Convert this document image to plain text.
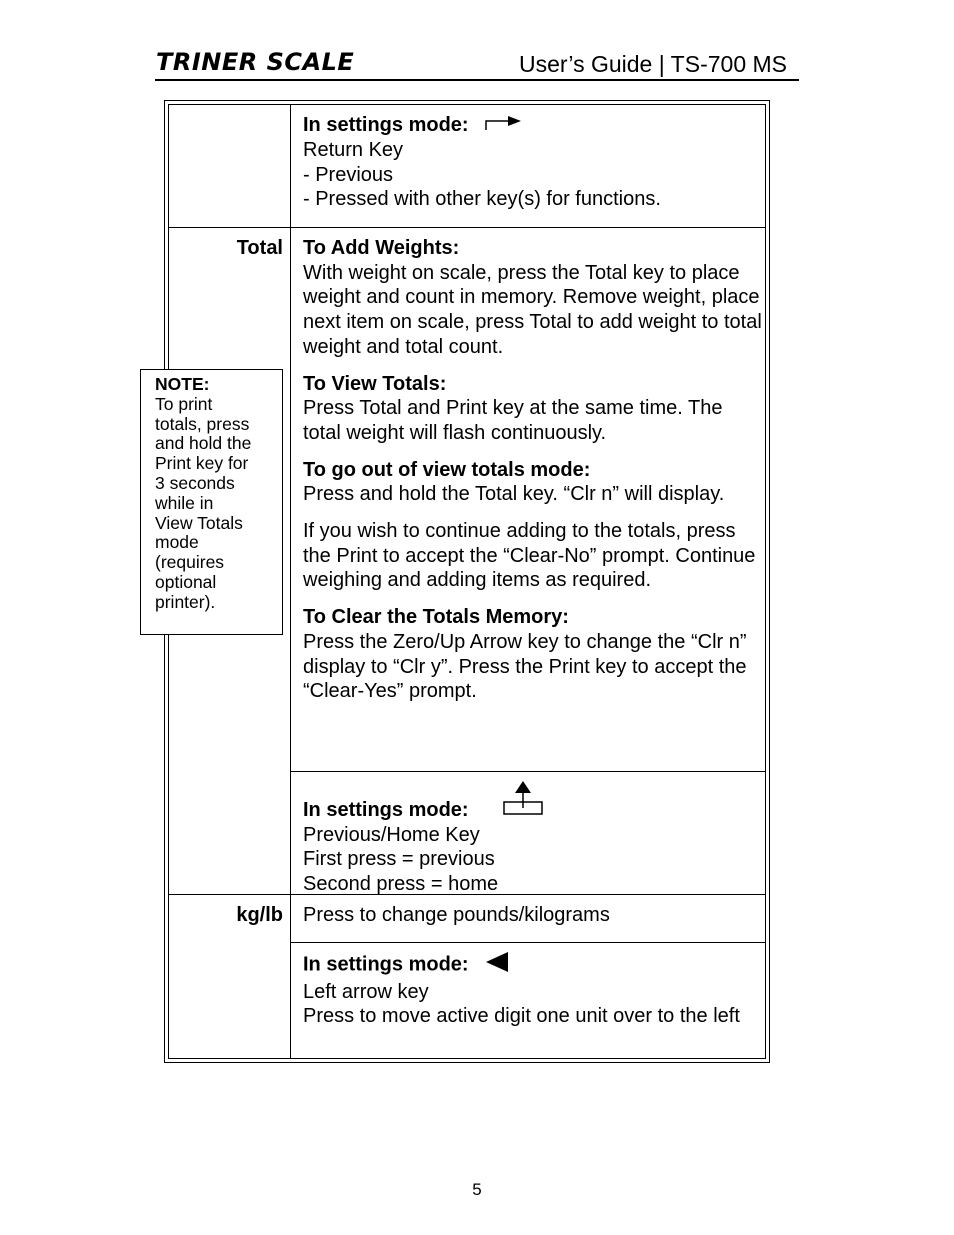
TRINER SCALE	User’s Guide | TS-700 MS
In settings mode:
Return Key
- Previous
- Pressed with other key(s) for functions.
Total To Add Weights:
With weight on scale, press the Total key to place weight and count in memory. Remove weight, place next item on scale, press Total to add weight to total weight and total count.
To View Totals:
Press Total and Print key at the same time. The total weight will flash continuously.
To go out of view totals mode:
Press and hold the Total key. “Clr n” will display.
If you wish to continue adding to the totals, press the Print to accept the “Clear-No” prompt. Continue weighing and adding items as required.
To Clear the Totals Memory:
Press the Zero/Up Arrow key to change the “Clr n” display to “Clr y”. Press the Print key to accept the “Clear-Yes” prompt.
In settings mode:
Previous/Home Key
First press = previous
Second press = home
kg/lb Press to change pounds/kilograms
In settings mode:
Left arrow key
Press to move active digit one unit over to the left
NOTE:
To print
totals, press
and hold the
Print key for
3 seconds
while in
View Totals
mode
(requires
optional
printer).
5
